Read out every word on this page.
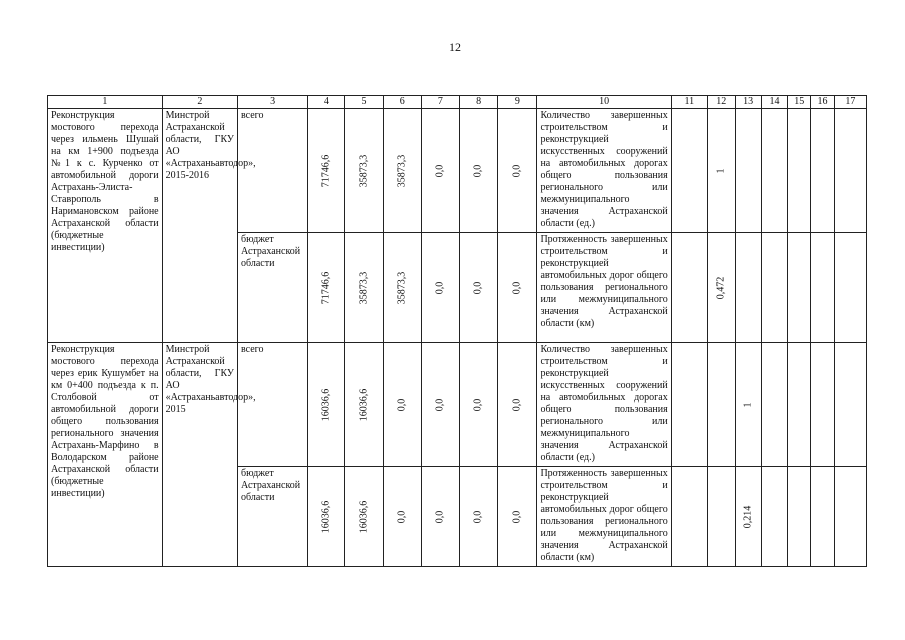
12
1	2	3	4	5	6	7	8	9	10	11	12	13	14	15	16	17
Реконструкция мостового перехода через ильмень Шушай на км 1+900 подъезда №1 к с. Курченко от автомобильной дороги Астрахань-Элиста-Ставрополь в Наримановском районе Астраханской области (бюджетные инвестиции)	Минстрой Астраханской области, ГКУ АО «Астраханьавтодор», 2015-2016	всего	71746,6	35873,3	35873,3	0,0	0,0	0,0	Количество завершенных строительством и реконструкцией искусственных сооружений на автомобильных дорогах общего пользования регионального или межмуниципального значения Астраханской области (ед.)		1					
		бюджет Астраханской области	71746,6	35873,3	35873,3	0,0	0,0	0,0	Протяженность завершенных строительством и реконструкцией автомобильных дорог общего пользования регионального или межмуниципального значения Астраханской области (км)		0,472					
Реконструкция мостового перехода через ерик Кушумбет на км 0+400 подъезда к п. Столбовой от автомобильной дороги общего пользования регионального значения Астрахань-Марфино в Володарском районе Астраханской области (бюджетные инвестиции)	Минстрой Астраханской области, ГКУ АО «Астраханьавтодор», 2015	всего	16036,6	16036,6	0,0	0,0	0,0	0,0	Количество завершенных строительством и реконструкцией искусственных сооружений на автомобильных дорогах общего пользования регионального или межмуниципального значения Астраханской области (ед.)			1				
		бюджет Астраханской области	16036,6	16036,6	0,0	0,0	0,0	0,0	Протяженность завершенных строительством и реконструкцией автомобильных дорог общего пользования регионального или межмуниципального значения Астраханской области (км)			0,214				
